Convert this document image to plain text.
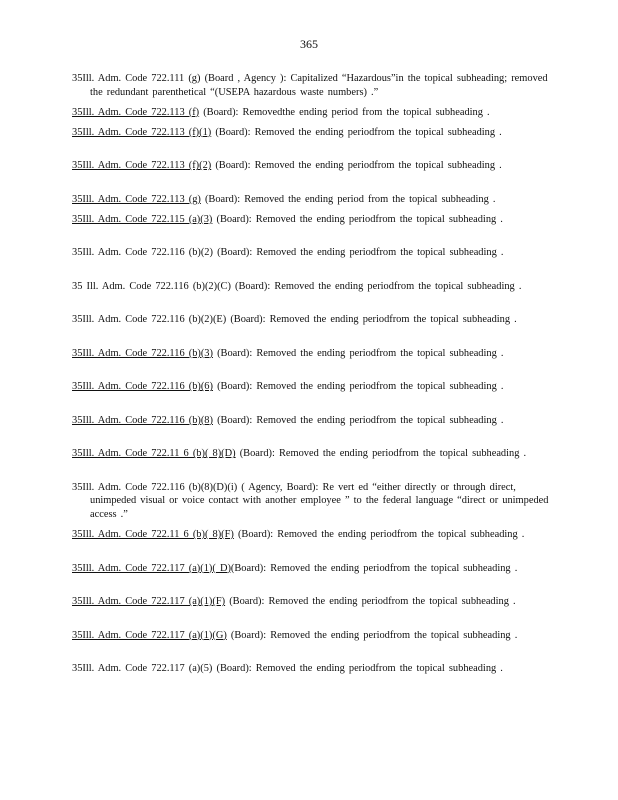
365

35Ill. Adm. Code 722.111 (g) (Board , Agency ): Capitalized “Hazardous”in the topical subheading; removed the redundant parenthetical “(USEPA hazardous waste numbers) .”

35Ill. Adm. Code 722.113 (f) (Board): Removedthe ending period from the topical subheading .

35Ill. Adm. Code 722.113 (f)(1) (Board): Removed the ending periodfrom the topical subheading .

35Ill. Adm. Code 722.113 (f)(2) (Board): Removed the ending periodfrom the topical subheading .

35Ill. Adm. Code 722.113 (g) (Board): Removed the ending period from the topical subheading .

35Ill. Adm. Code 722.115 (a)(3) (Board): Removed the ending periodfrom the topical subheading .

35Ill. Adm. Code 722.116 (b)(2) (Board): Removed the ending periodfrom the topical subheading .

35 Ill. Adm. Code 722.116 (b)(2)(C) (Board): Removed the ending periodfrom the topical subheading .

35Ill. Adm. Code 722.116 (b)(2)(E) (Board): Removed the ending periodfrom the topical subheading .

35Ill. Adm. Code 722.116 (b)(3) (Board): Removed the ending periodfrom the topical subheading .

35Ill. Adm. Code 722.116 (b)(6) (Board): Removed the ending periodfrom the topical subheading .

35Ill. Adm. Code 722.116 (b)(8) (Board): Removed the ending periodfrom the topical subheading .

35Ill. Adm. Code 722.11 6 (b)( 8)(D) (Board): Removed the ending periodfrom the topical subheading .

35Ill. Adm. Code 722.116 (b)(8)(D)(i) ( Agency, Board): Re vert ed “either directly or through direct, unimpeded visual or voice contact with another employee ” to the federal language “direct or unimpeded access .”

35Ill. Adm. Code 722.11 6 (b)( 8)(F) (Board): Removed the ending periodfrom the topical subheading .

35Ill. Adm. Code 722.117 (a)(1)( D)(Board): Removed the ending periodfrom the topical subheading .

35Ill. Adm. Code 722.117 (a)(1)(F) (Board): Removed the ending periodfrom the topical subheading .

35Ill. Adm. Code 722.117 (a)(1)(G) (Board): Removed the ending periodfrom the topical subheading .

35Ill. Adm. Code 722.117 (a)(5) (Board): Removed the ending periodfrom the topical subheading .
